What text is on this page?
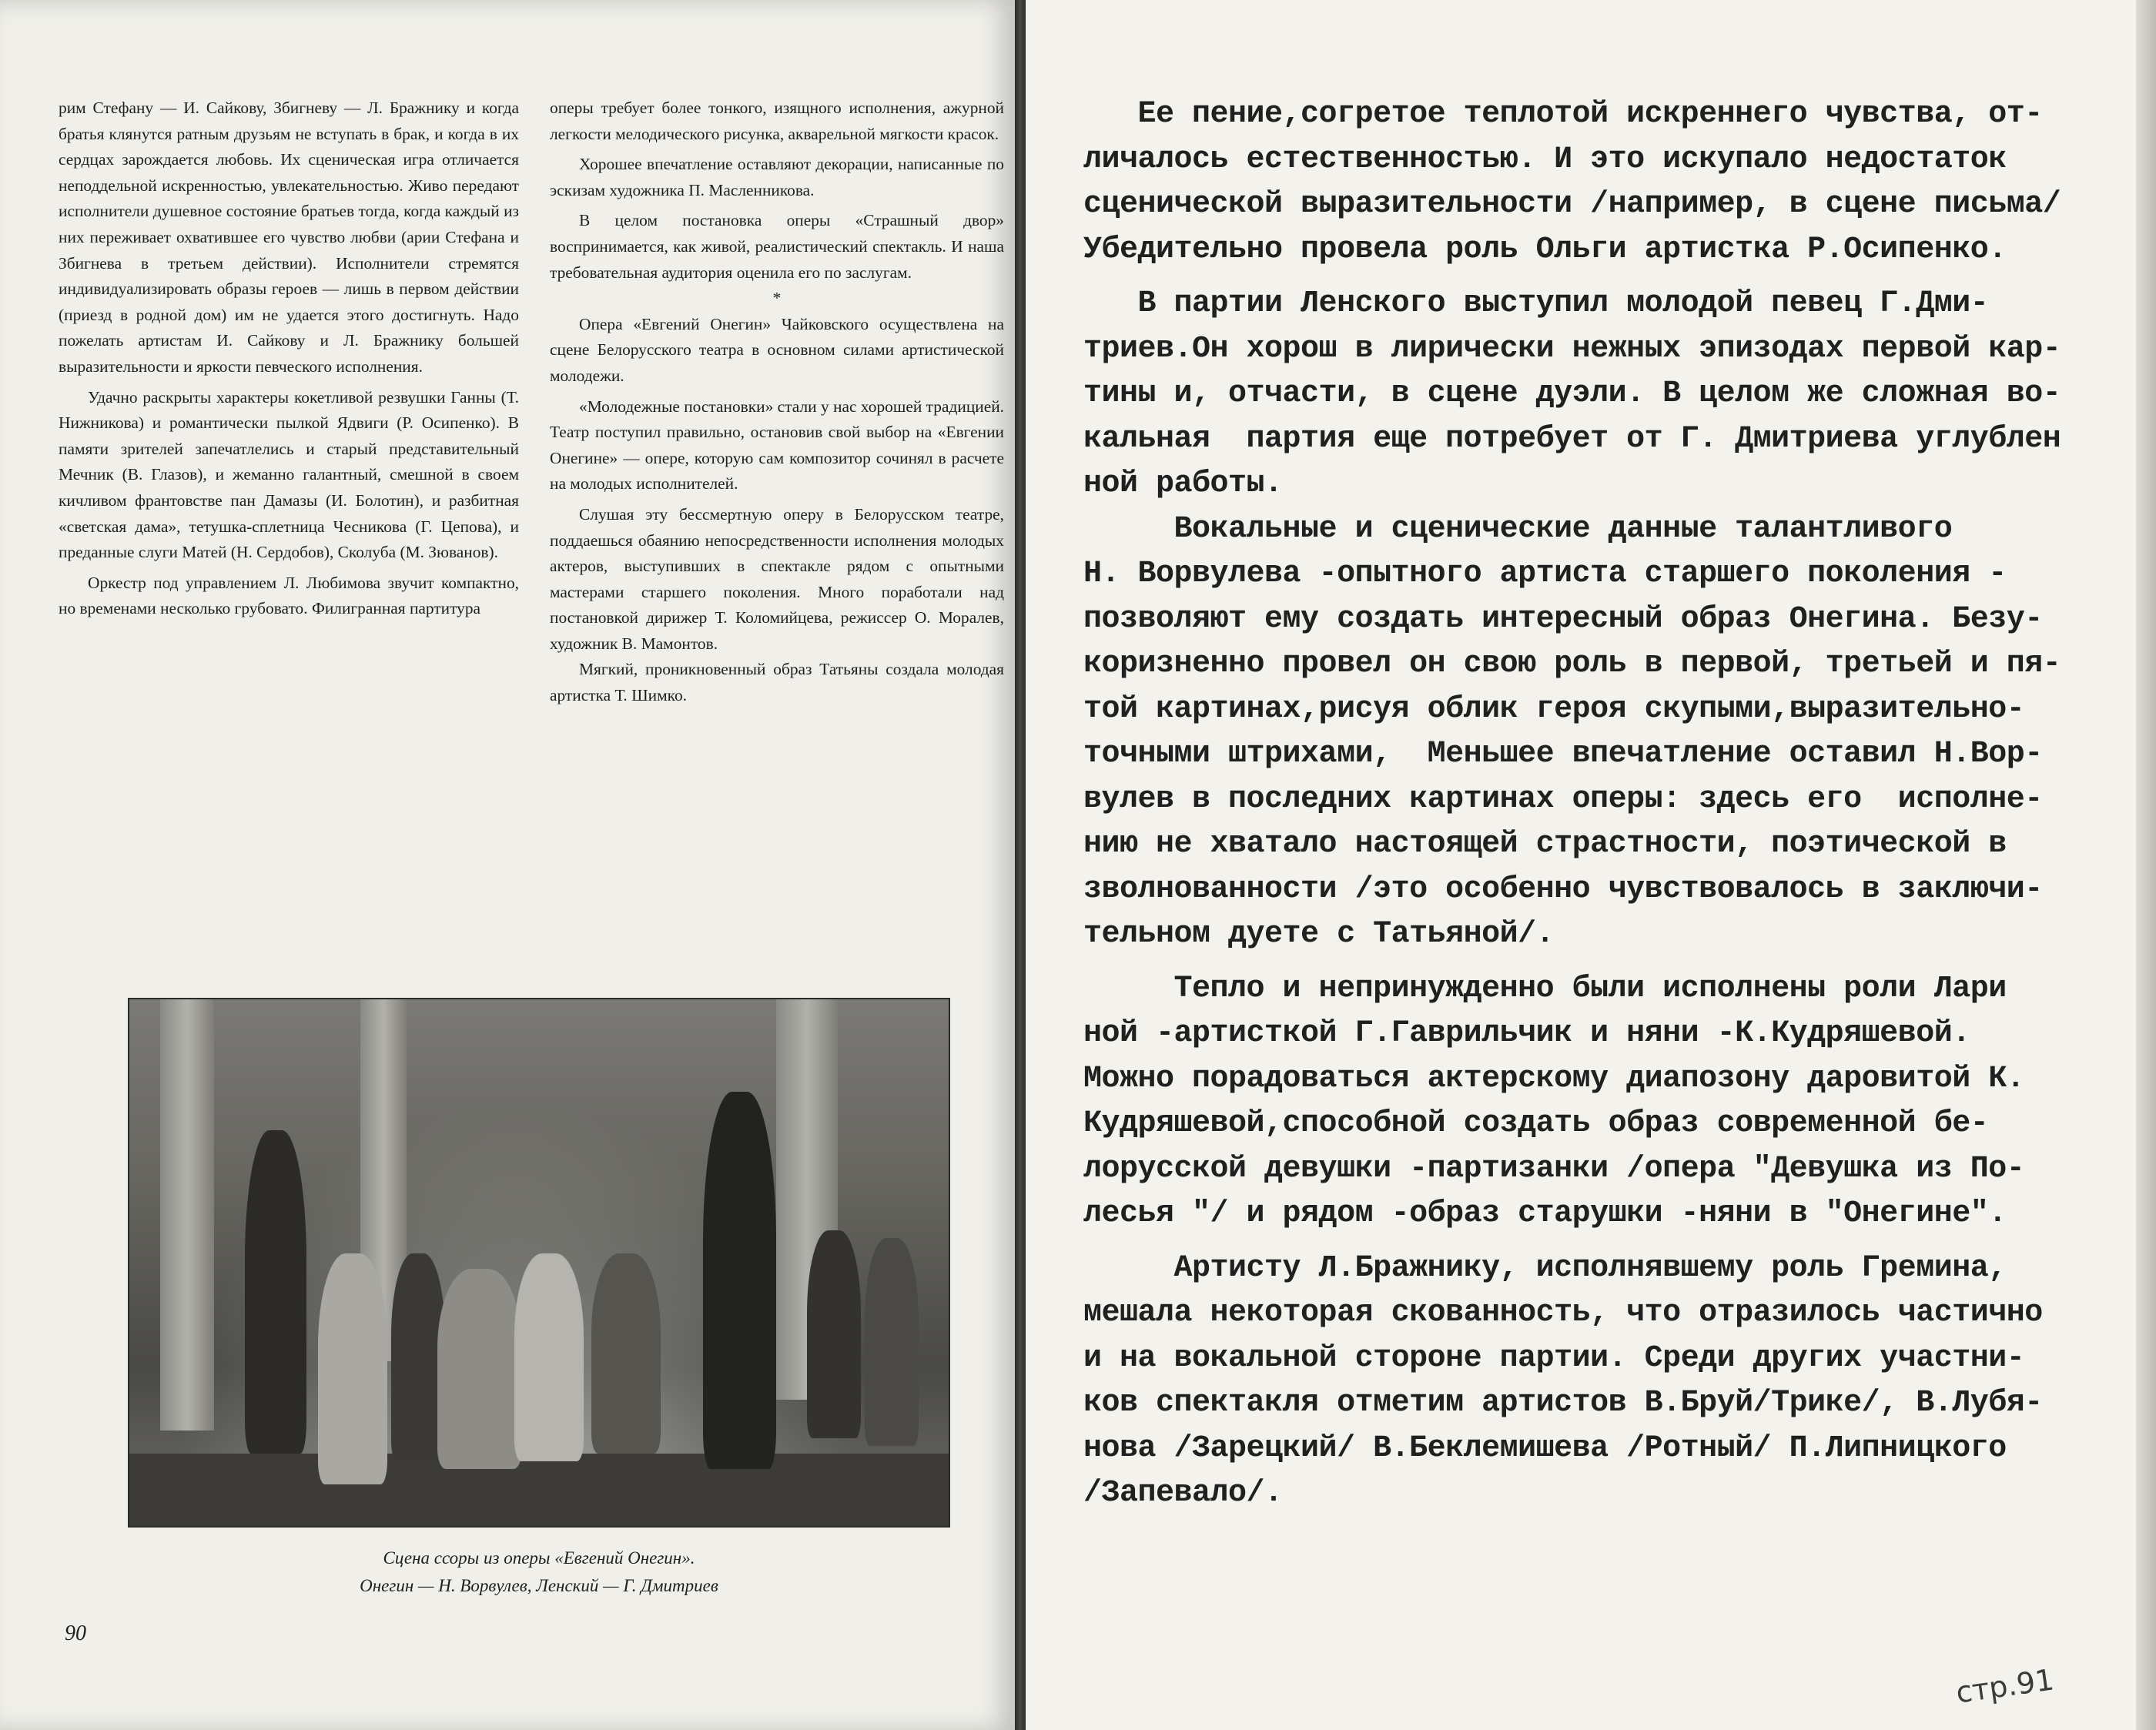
рим Стефану — И. Сайкову, Збигневу — Л. Бражнику и когда братья клянутся ратным друзьям не вступать в брак, и когда в их сердцах зарождается любовь. Их сценическая игра отличается неподдельной искренностью, увлекательностью. Живо передают исполнители душевное состояние братьев тогда, когда каждый из них переживает охватившее его чувство любви (арии Стефана и Збигнева в третьем действии). Исполнители стремятся индивидуализировать образы героев — лишь в первом действии (приезд в родной дом) им не удается этого достигнуть. Надо пожелать артистам И. Сайкову и Л. Бражнику большей выразительности и яркости певческого исполнения.

Удачно раскрыты характеры кокетливой резвушки Ганны (Т. Нижникова) и романтически пылкой Ядвиги (Р. Осипенко). В памяти зрителей запечатлелись и старый представительный Мечник (В. Глазов), и жеманно галантный, смешной в своем кичливом франтовстве пан Дамазы (И. Болотин), и разбитная «светская дама», тетушка-сплетница Чесникова (Г. Цепова), и преданные слуги Матей (Н. Сердобов), Сколуба (М. Зюванов).

Оркестр под управлением Л. Любимова звучит компактно, но временами несколько грубовато. Филигранная партитура

оперы требует более тонкого, изящного исполнения, ажурной легкости мелодического рисунка, акварельной мягкости красок.

Хорошее впечатление оставляют декорации, написанные по эскизам художника П. Масленникова.

В целом постановка оперы «Страшный двор» воспринимается, как живой, реалистический спектакль. И наша требовательная аудитория оценила его по заслугам.

*

Опера «Евгений Онегин» Чайковского осуществлена на сцене Белорусского театра в основном силами артистической молодежи.

«Молодежные постановки» стали у нас хорошей традицией. Театр поступил правильно, остановив свой выбор на «Евгении Онегине» — опере, которую сам композитор сочинял в расчете на молодых исполнителей.

Слушая эту бессмертную оперу в Белорусском театре, поддаешься обаянию непосредственности исполнения молодых актеров, выступивших в спектакле рядом с опытными мастерами старшего поколения. Много поработали над постановкой дирижер Т. Коломийцева, режиссер О. Моралев, художник В. Мамонтов.

Мягкий, проникновенный образ Татьяны создала молодая артистка Т. Шимко.

Сцена ссоры из оперы «Евгений Онегин».
Онегин — Н. Ворвулев, Ленский — Г. Дмитриев
90
Ее пение,согретое теплотой искреннего чувства, от-
личалось естественностью. И это искупало недостаток
сценической выразительности /например, в сцене письма/
Убедительно провела роль Ольги артистка Р.Осипенко.
В партии Ленского выступил молодой певец Г.Дми-
триев.Он хорош в лирически нежных эпизодах первой кар-
тины и, отчасти, в сцене дуэли. В целом же сложная во-
кальная  партия еще потребует от Г. Дмитриева углублен
ной работы.
Вокальные и сценические данные талантливого
Н. Ворвулева -опытного артиста старшего поколения -
позволяют ему создать интересный образ Онегина. Безу-
коризненно провел он свою роль в первой, третьей и пя-
той картинах,рисуя облик героя скупыми,выразительно-
точными штрихами,  Меньшее впечатление оставил Н.Вор-
вулев в последних картинах оперы: здесь его  исполне-
нию не хватало настоящей страстности, поэтической в
зволнованности /это особенно чувствовалось в заключи-
тельном дуете с Татьяной/.
Тепло и непринужденно были исполнены роли Лари
ной -артисткой Г.Гаврильчик и няни -К.Кудряшевой.
Можно порадоваться актерскому диапозону даровитой К.
Кудряшевой,способной создать образ современной бе-
лорусской девушки -партизанки /опера "Девушка из По-
лесья "/ и рядом -образ старушки -няни в "Онегине".
Артисту Л.Бражнику, исполнявшему роль Гремина,
мешала некоторая скованность, что отразилось частично
и на вокальной стороне партии. Среди других участни-
ков спектакля отметим артистов В.Бруй/Трике/, В.Лубя-
нова /Зарецкий/ В.Беклемишева /Ротный/ П.Липницкого
/Запевало/.
стр.91
